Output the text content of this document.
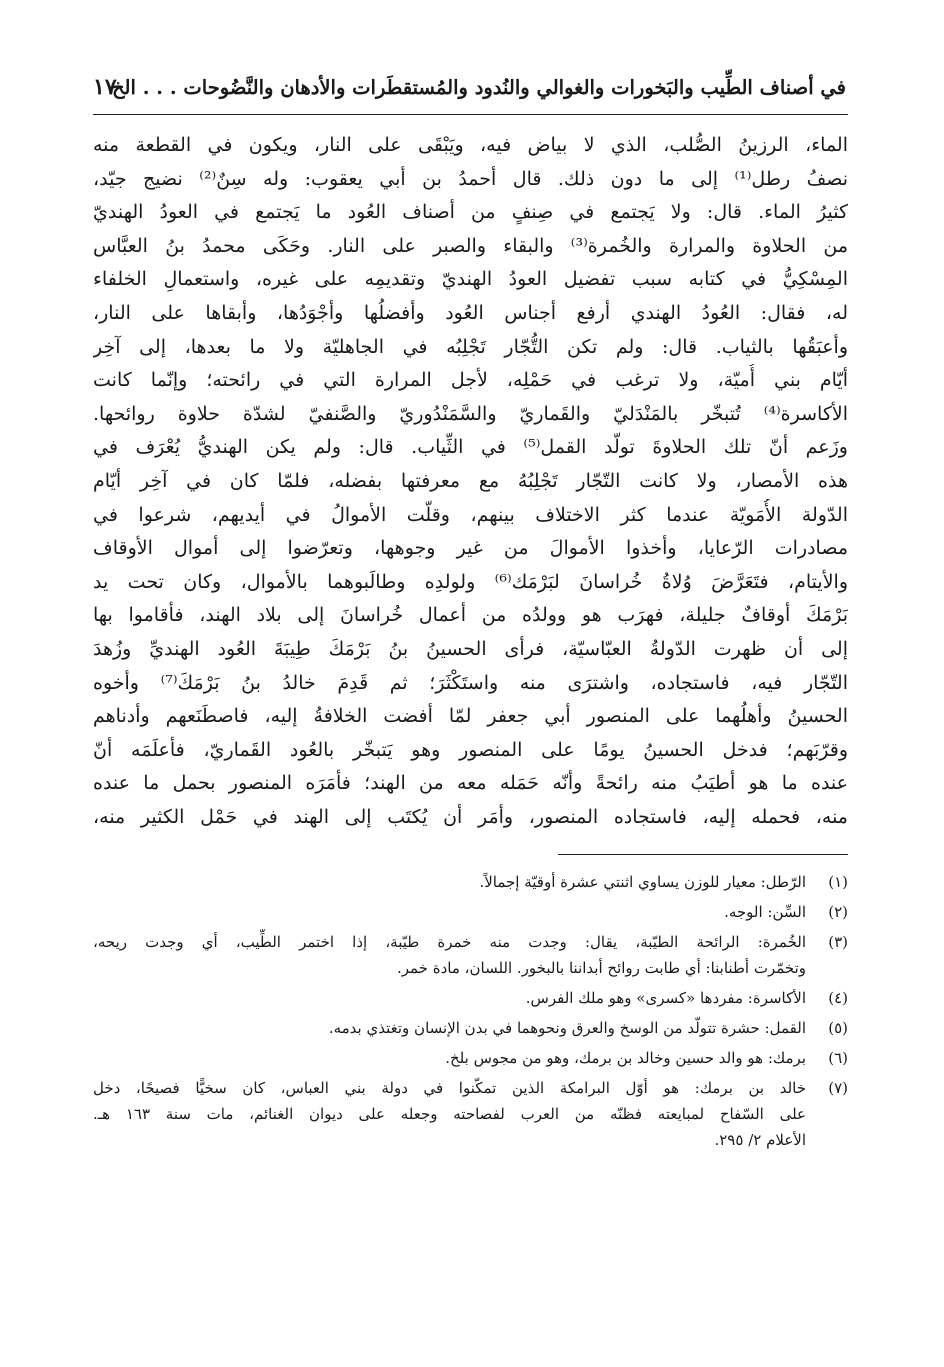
في أصناف الطِّيب والبَخورات والغوالي والنُدود والمُستقطَرات والأدهان والنَّضُوحات . . . الخ
١٧
الماء، الرزينُ الصُّلب، الذي لا بياض فيه، ويَبْقَى على النار، ويكون في القطعة منه
نصفُ رطل⁽¹⁾ إلى ما دون ذلك. قال أحمدُ بن أبي يعقوب: وله سِنٌ⁽²⁾ نضيج جيّد،
كثيرُ الماء. قال: ولا يَجتمع في صِنفٍ من أصناف العُود ما يَجتمع في العودُ الهنديّ
من الحلاوة والمرارة والخُمرة⁽³⁾ والبقاء والصبر على النار. وحَكَى محمدُ بنُ العبَّاس
المِسْكِيُّ في كتابه سبب تفضيل العودُ الهنديّ وتقديمِه على غيره، واستعمالِ الخلفاء
له، فقال: العُودُ الهندي أرفع أجناس العُود وأفضلُها وأجْوَدُها، وأبقاها على النار،
وأعبَقُها بالثياب. قال: ولم تكن التُّجّار تَجْلِبُه في الجاهليّة ولا ما بعدها، إلى آخِر
أيّام بني أُميّة، ولا ترغب في حَمْلِه، لأجل المرارة التي في رائحته؛ وإنّما كانت
الأكاسرة⁽⁴⁾ تُتبخّر بالمَنْدَليّ والقَماريّ والسَّمَنْدُوريّ والصَّنفيّ لشدّة حلاوة روائحها.
وزَعم أنّ تلك الحلاوةَ تولّد القمل⁽⁵⁾ في الثِّياب. قال: ولم يكن الهنديُّ يُعْرَف في
هذه الأمصار، ولا كانت التّجّار تَجْلِبُهُ مع معرفتها بفضله، فلمّا كان في آخِر أيّام
الدّولة الأُمَويّة عندما كثر الاختلاف بينهم، وقلّت الأموالُ في أيديهم، شرعوا في
مصادرات الرّعايا، وأخذوا الأموالَ من غير وجوهها، وتعرّضوا إلى أموال الأوقاف
والأيتام، فتَعَرَّضَ وُلاةُ خُراسانَ لبَرْمَك⁽⁶⁾ ولولدِه وطالَبوهما بالأموال، وكان تحت يد
بَرْمَكَ أوقافٌ جليلة، فهرَب هو وولدُه من أعمال خُراسانَ إلى بلاد الهند، فأقاموا بها
إلى أن ظهرت الدّولةُ العبّاسيّة، فرأى الحسينُ بنُ بَرْمَكَ طِيبَةَ العُود الهنديِّ وزُهدَ
التّجّار فيه، فاستجاده، واشترَى منه واستَكْثَرَ؛ ثم قَدِمَ خالدُ بنُ بَرْمَكَ⁽⁷⁾ وأخوه
الحسينُ وأهلُهما على المنصور أبي جعفر لمّا أفضت الخلافةُ إليه، فاصطَنَعهم وأدناهم
وقرّبَهم؛ فدخل الحسينُ يومًا على المنصور وهو يَتبخّر بالعُود القَماريّ، فأعلَمَه أنّ
عنده ما هو أطيَبُ منه رائحةً وأنّه حَمَله معه من الهند؛ فأمَرَه المنصور بحمل ما عنده
منه، فحمله إليه، فاستجاده المنصور، وأمَر أن يُكتَب إلى الهند في حَمْل الكثير منه،
(١)
الرّطل: معيار للوزن يساوي اثنتي عشرة أوقيّة إجمالاً.
(٢)
السِّن: الوجه.
(٣)
الخُمرة: الرائحة الطيّبة، يقال: وجدت منه خمرة طيّبة، إذا اختمر الطِّيب، أي وجدت ريحه،
وتخمّرت أطنابنا: أي طابت روائح أبداننا بالبخور. اللسان، مادة خمر.
(٤)
الأكاسرة: مفردها «كسرى» وهو ملك الفرس.
(٥)
القمل: حشرة تتولّد من الوسخ والعرق ونحوهما في بدن الإنسان وتغتذي بدمه.
(٦)
برمك: هو والد حسين وخالد بن برمك، وهو من مجوس بلخ.
(٧)
خالد بن برمك: هو أوّل البرامكة الذين تمكّنوا في دولة بني العباس، كان سخيًّا فصيحًا، دخل
على السّفاح لمبايعته فظنّه من العرب لفصاحته وجعله على ديوان الغنائم، مات سنة ١٦٣ هـ.
الأعلام ٢/ ٢٩٥.
